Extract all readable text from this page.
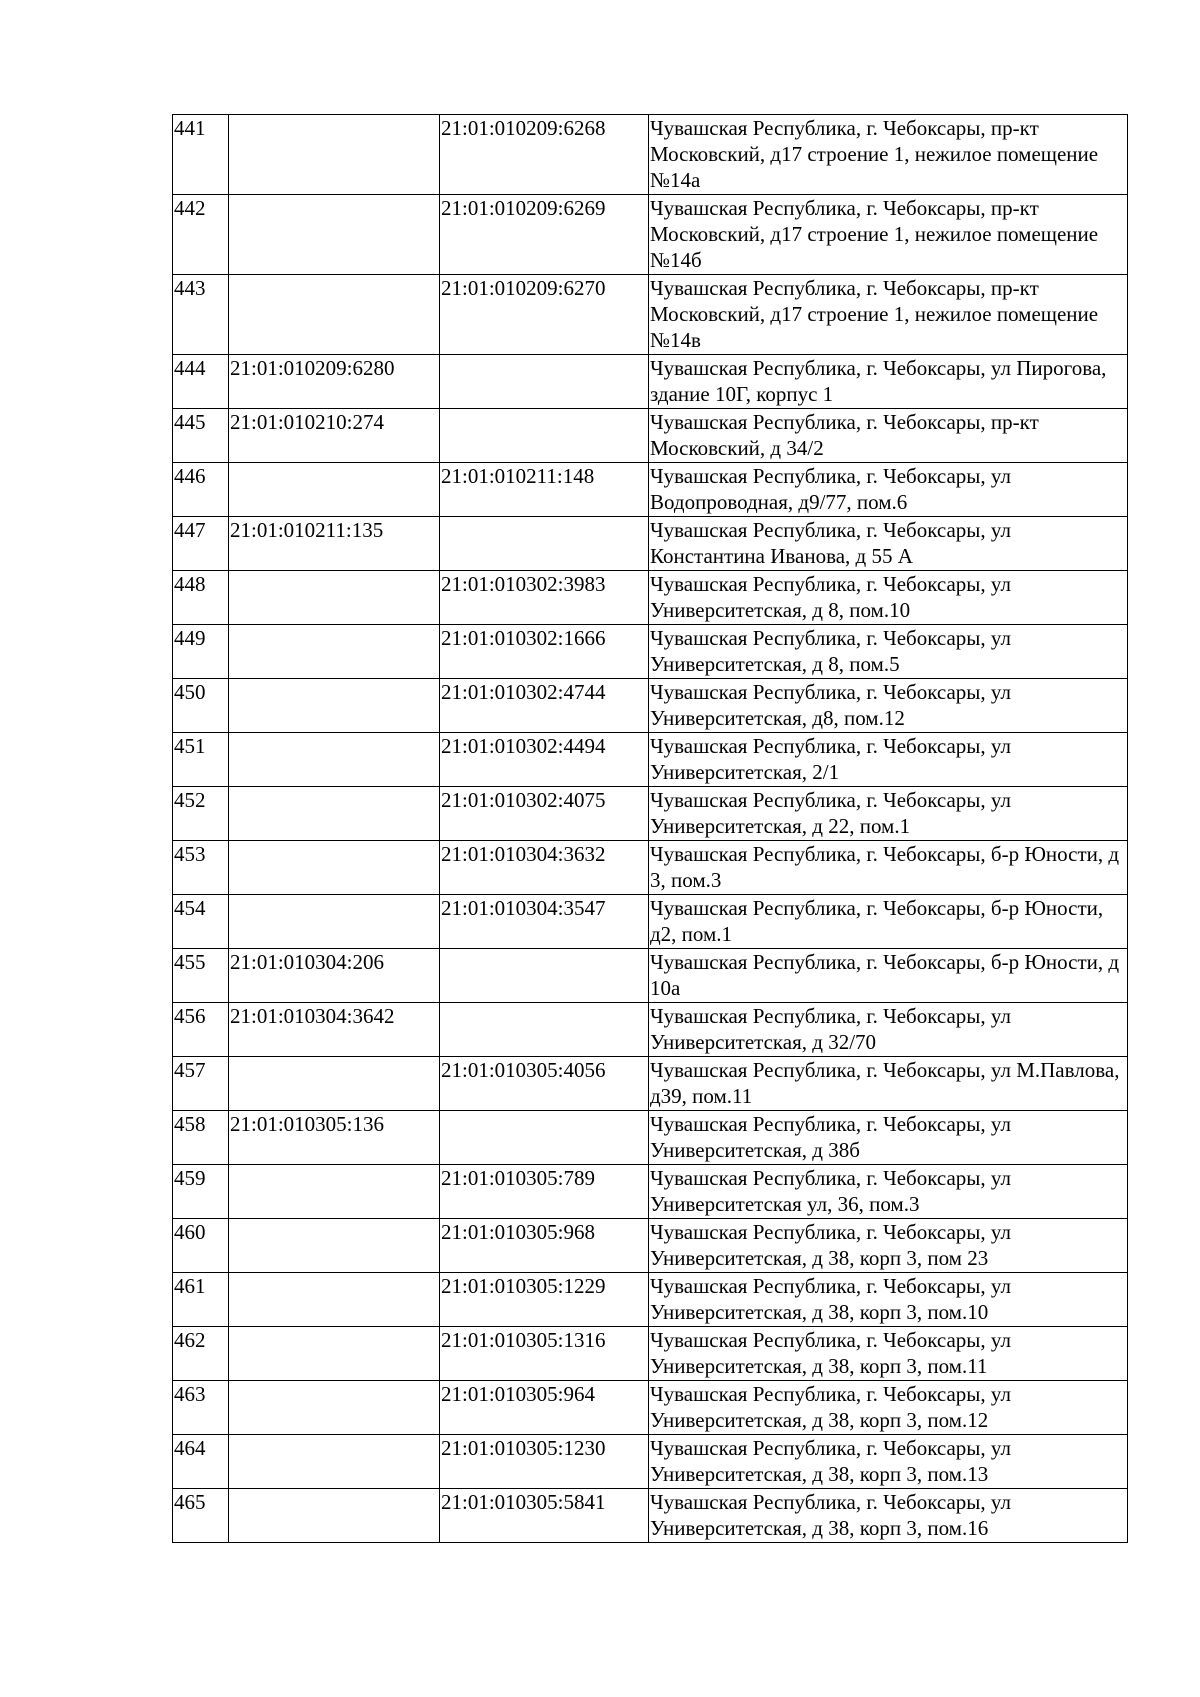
441		21:01:010209:6268	Чувашская Республика, г. Чебоксары, пр-кт Московский, д17 строение 1, нежилое помещение №14а
442		21:01:010209:6269	Чувашская Республика, г. Чебоксары, пр-кт Московский, д17 строение 1, нежилое помещение №14б
443		21:01:010209:6270	Чувашская Республика, г. Чебоксары, пр-кт Московский, д17 строение 1, нежилое помещение №14в
444	21:01:010209:6280		Чувашская Республика, г. Чебоксары, ул Пирогова, здание 10Г, корпус 1
445	21:01:010210:274		Чувашская Республика, г. Чебоксары, пр-кт Московский, д 34/2
446		21:01:010211:148	Чувашская Республика, г. Чебоксары, ул Водопроводная, д9/77, пом.6
447	21:01:010211:135		Чувашская Республика, г. Чебоксары, ул Константина Иванова, д 55 А
448		21:01:010302:3983	Чувашская Республика, г. Чебоксары, ул Университетская, д 8, пом.10
449		21:01:010302:1666	Чувашская Республика, г. Чебоксары, ул Университетская, д 8, пом.5
450		21:01:010302:4744	Чувашская Республика, г. Чебоксары, ул Университетская, д8, пом.12
451		21:01:010302:4494	Чувашская Республика, г. Чебоксары, ул Университетская, 2/1
452		21:01:010302:4075	Чувашская Республика, г. Чебоксары, ул Университетская, д 22, пом.1
453		21:01:010304:3632	Чувашская Республика, г. Чебоксары, б-р Юности, д 3, пом.3
454		21:01:010304:3547	Чувашская Республика, г. Чебоксары, б-р Юности, д2, пом.1
455	21:01:010304:206		Чувашская Республика, г. Чебоксары, б-р Юности, д 10а
456	21:01:010304:3642		Чувашская Республика, г. Чебоксары, ул Университетская, д 32/70
457		21:01:010305:4056	Чувашская Республика, г. Чебоксары, ул М.Павлова, д39, пом.11
458	21:01:010305:136		Чувашская Республика, г. Чебоксары, ул Университетская, д 38б
459		21:01:010305:789	Чувашская Республика, г. Чебоксары, ул Университетская ул, 36, пом.3
460		21:01:010305:968	Чувашская Республика, г. Чебоксары, ул Университетская, д 38, корп 3, пом 23
461		21:01:010305:1229	Чувашская Республика, г. Чебоксары, ул Университетская, д 38, корп 3, пом.10
462		21:01:010305:1316	Чувашская Республика, г. Чебоксары, ул Университетская, д 38, корп 3, пом.11
463		21:01:010305:964	Чувашская Республика, г. Чебоксары, ул Университетская, д 38, корп 3, пом.12
464		21:01:010305:1230	Чувашская Республика, г. Чебоксары, ул Университетская, д 38, корп 3, пом.13
465		21:01:010305:5841	Чувашская Республика, г. Чебоксары, ул Университетская, д 38, корп 3, пом.16
